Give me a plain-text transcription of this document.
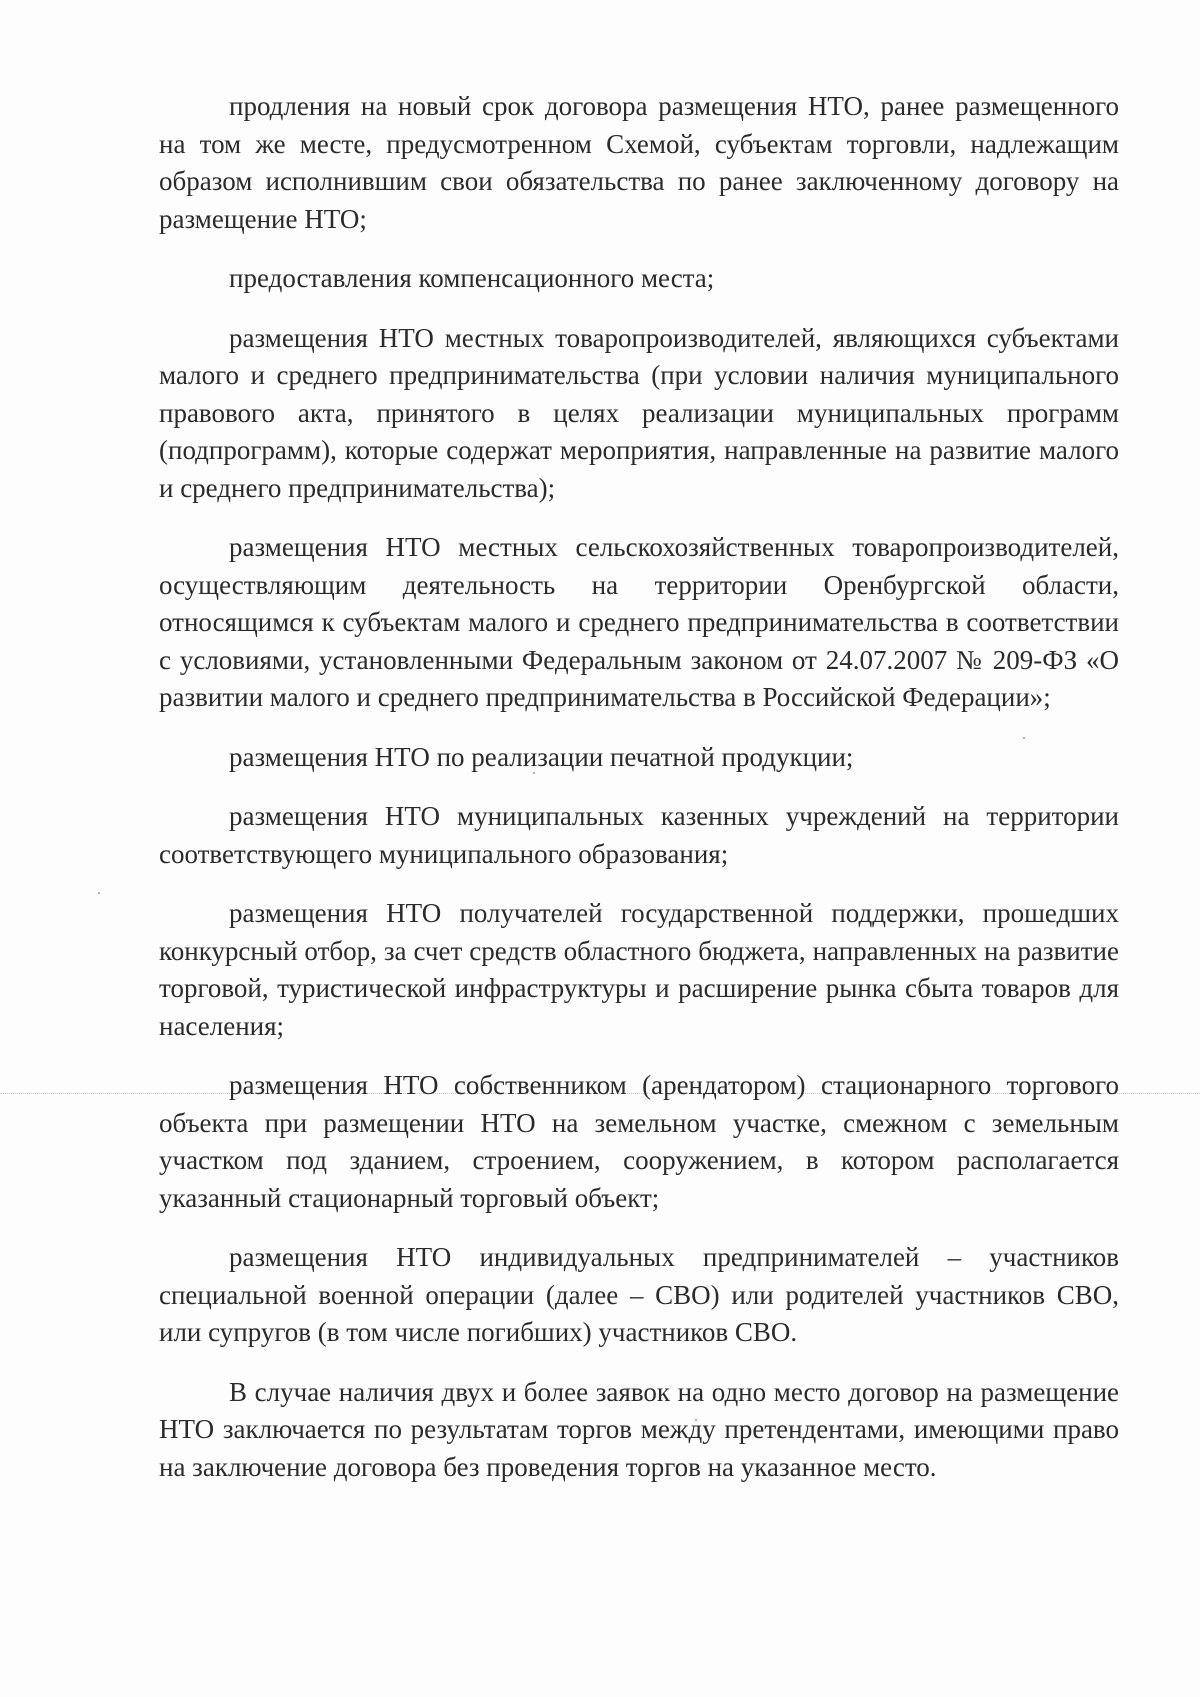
продления на новый срок договора размещения НТО, ранее размещенного на том же месте, предусмотренном Схемой, субъектам торговли, надлежащим образом исполнившим свои обязательства по ранее заключенному договору на размещение НТО;

предоставления компенсационного места;

размещения НТО местных товаропроизводителей, являющихся субъектами малого и среднего предпринимательства (при условии наличия муниципального правового акта, принятого в целях реализации муниципальных программ (подпрограмм), которые содержат мероприятия, направленные на развитие малого и среднего предпринимательства);

размещения НТО местных сельскохозяйственных товаропроизводителей, осуществляющим деятельность на территории Оренбургской области, относящимся к субъектам малого и среднего предпринимательства в соответствии с условиями, установленными Федеральным законом от 24.07.2007 № 209-ФЗ «О развитии малого и среднего предпринимательства в Российской Федерации»;

размещения НТО по реализации печатной продукции;

размещения НТО муниципальных казенных учреждений на территории соответствующего муниципального образования;

размещения НТО получателей государственной поддержки, прошедших конкурсный отбор, за счет средств областного бюджета, направленных на развитие торговой, туристической инфраструктуры и расширение рынка сбыта товаров для населения;

размещения НТО собственником (арендатором) стационарного торгового объекта при размещении НТО на земельном участке, смежном с земельным участком под зданием, строением, сооружением, в котором располагается указанный стационарный торговый объект;

размещения НТО индивидуальных предпринимателей – участников специальной военной операции (далее – СВО) или родителей участников СВО, или супругов (в том числе погибших) участников СВО.

В случае наличия двух и более заявок на одно место договор на размещение НТО заключается по результатам торгов между претендентами, имеющими право на заключение договора без проведения торгов на указанное место.
